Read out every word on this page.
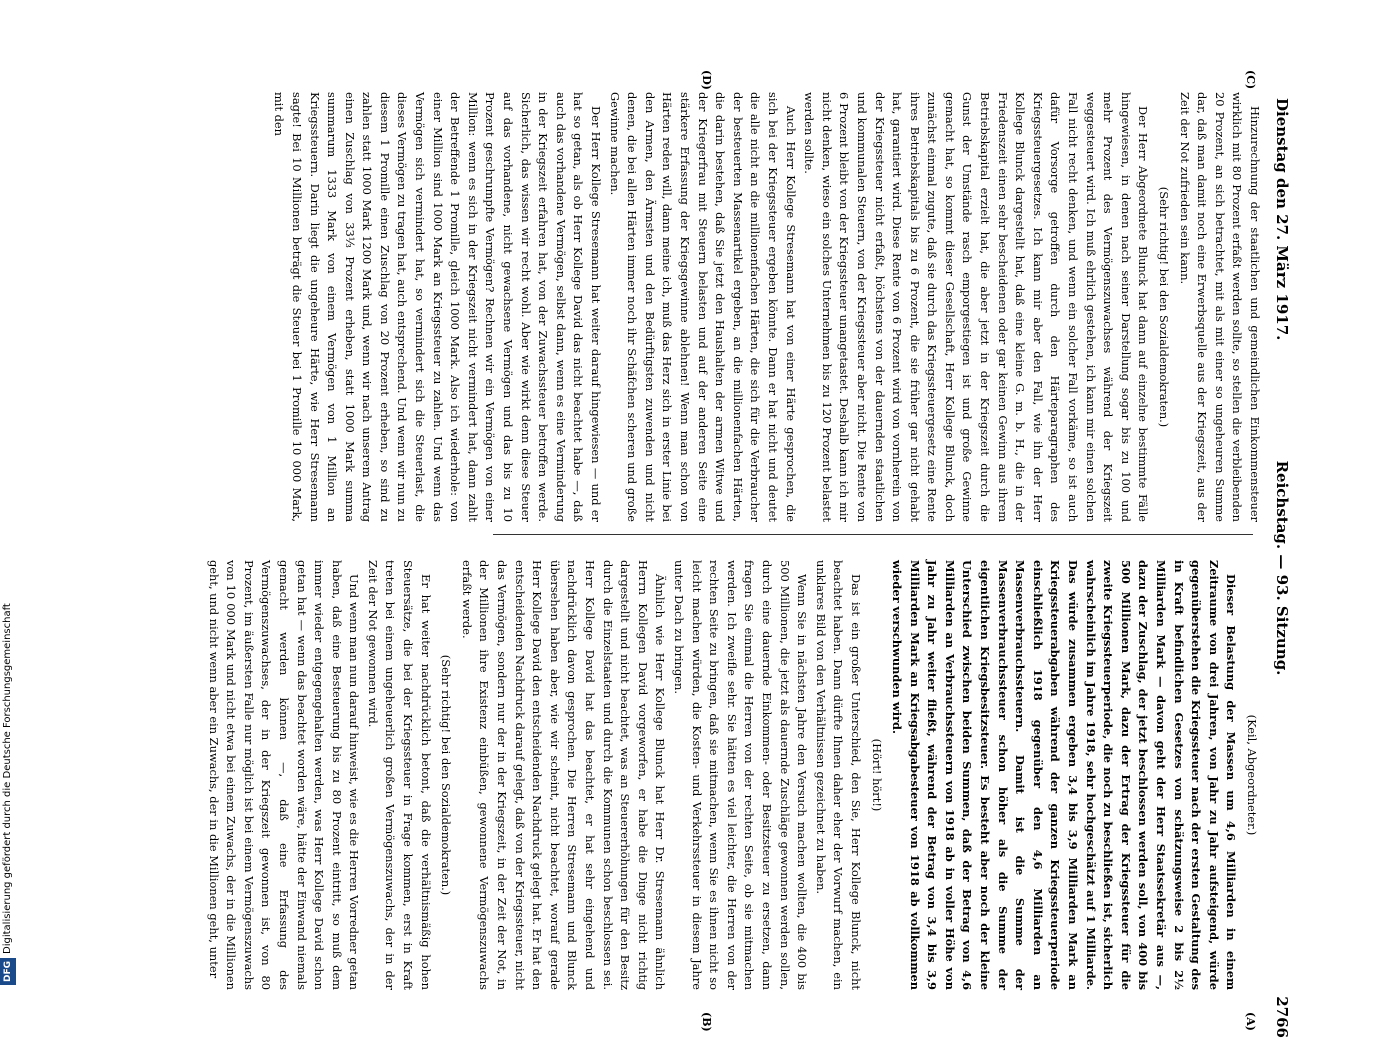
Dienstag den 27. März 1917.
Reichstag. — 93. Sitzung.
2766
(A)
(B)
(C)
(D)

(Keil, Abgeordneter.)

Dieser Belastung der Massen um 4,6 Milliarden in einem Zeitraume von drei Jahren, von Jahr zu Jahr aufsteigend, würde gegenüberstehen die Kriegssteuer nach der ersten Gestaltung des in Kraft befindlichen Gesetzes von schätzungsweise 2 bis 2½ Milliarden Mark — davon geht der Herr Staatssekretär aus —, dazu der Zuschlag, der jetzt beschlossen werden soll, von 400 bis 500 Millionen Mark, dazu der Ertrag der Kriegssteuer für die zweite Kriegssteuerperiode, die noch zu beschließen ist, sicherlich wahrscheinlich im Jahre 1918, sehr hochgeschätzt auf 1 Milliarde. Das würde zusammen ergeben 3,4 bis 3,9 Milliarden Mark an Kriegssteuerabgaben während der ganzen Kriegssteuerperiode einschließlich 1918 gegenüber den 4,6 Milliarden an Massenverbrauchssteuern. Damit ist die Summe der Massenverbrauchssteuer schon höher als die Summe der eigentlichen Kriegsbesitzsteuer. Es besteht aber noch der kleine Unterschied zwischen beiden Summen, daß der Betrag von 4,6 Milliarden an Verbrauchssteuern von 1918 ab in voller Höhe von Jahr zu Jahr weiter fließt, während der Betrag von 3,4 bis 3,9 Milliarden Mark an Kriegsabgabesteuer von 1918 ab vollkommen wieder verschwunden wird.

(Hört! hört!)

Das ist ein großer Unterschied, den Sie, Herr Kollege Blunck, nicht beachtet haben. Dann dürfte Ihnen daher eher der Vorwurf machen, ein unklares Bild von den Verhältnissen gezeichnet zu haben.

Wenn Sie in nächsten Jahre den Versuch machen wollten, die 400 bis 500 Millionen, die jetzt als dauernde Zuschläge gewonnen werden sollen, durch eine dauernde Einkommen- oder Besitzsteuer zu ersetzen, dann fragen Sie einmal die Herren von der rechten Seite, ob sie mitmachen werden. Ich zweifle sehr. Sie hätten es viel leichter, die Herren von der rechten Seite zu bringen, daß sie mitmachen, wenn Sie es ihnen nicht so leicht machen würden, die Kosten- und Verkehrssteuer in diesem Jahre unter Dach zu bringen.

Ähnlich wie Herr Kollege Blunck hat Herr Dr. Stresemann ähnlich Herrn Kollegen David vorgeworfen, er habe die Dinge nicht richtig dargestellt und nicht beachtet, was an Steuererhöhungen für den Besitz durch die Einzelstaaten und durch die Kommunen schon beschlossen sei. Herr Kollege David hat das beachtet, er hat sehr eingehend und nachdrücklich davon gesprochen. Die Herren Stresemann und Blunck übersehen haben aber, wie wir scheint, nicht beachtet, worauf gerade Herr Kollege David den entscheidenden Nachdruck gelegt hat. Er hat den entscheidenden Nachdruck darauf gelegt, daß von der Kriegssteuer, nicht das Vermögen, sondern nur der in der Kriegszeit, in der Zeit der Not, in der Millionen ihre Existenz einbüßen, gewonnene Vermögenszuwachs erfaßt werde.

(Sehr richtig! bei den Sozialdemokraten.)

Er hat weiter nachdrücklich betont, daß die verhältnismäßig hohen Steuersätze, die bei der Kriegssteuer in Frage kommen, erst in Kraft treten bei einem ungeheuerlich großen Vermögenszuwachs, der in der Zeit der Not gewonnen wird.

Und wenn man nun darauf hinweist, wie es die Herren Vorredner getan haben, daß eine Besteuerung bis zu 80 Prozent eintritt, so muß dem immer wieder entgegengehalten werden, was Herr Kollege David schon getan hat — wenn das beachtet worden wäre, hätte der Einwand niemals gemacht werden können —, daß eine Erfassung des Vermögenszuwachses, der in der Kriegszeit gewonnen ist, von 80 Prozent, im äußersten Falle nur möglich ist bei einem Vermögenszuwachs von 10 000 Mark und nicht etwa bei einem Zuwachs, der in die Millionen geht, und nicht wenn aber ein Zuwachs, der in die Millionen geht, unter

Hinzurechnung der staatlichen und gemeindlichen Einkommensteuer wirklich mit 80 Prozent erfaßt werden sollte, so stellen die verbleibenden 20 Prozent, an sich betrachtet, mit als mit einer so ungeheuren Summe dar, daß man damit noch eine Erwerbsquelle aus der Kriegszeit, aus der Zeit der Not zufrieden sein kann.

(Sehr richtig! bei den Sozialdemokraten.)

Der Herr Abgeordnete Blunck hat dann auf einzelne bestimmte Fälle hingewiesen, in denen nach seiner Darstellung sogar bis zu 100 und mehr Prozent des Vermögenszuwachses während der Kriegszeit weggesteuert wird. Ich muß ehrlich gestehen, ich kann mir einen solchen Fall nicht recht denken, und wenn ein solcher Fall vorkäme, so ist auch dafür Vorsorge getroffen durch den Härteparagraphen des Kriegssteuergesetzes. Ich kann mir aber den Fall, wie ihn der Herr Kollege Blunck dargestellt hat, daß eine kleine G. m. b. H., die in der Friedenszeit einen sehr bescheidenen oder gar keinen Gewinn aus ihrem Betriebskapital erzielt hat, die aber jetzt in der Kriegszeit durch die Gunst der Umstände rasch emporgestiegen ist und große Gewinne gemacht hat, so kommt dieser Gesellschaft, Herr Kollege Blunck, doch zunächst einmal zugute, daß sie durch das Kriegssteuergesetz eine Rente ihres Betriebskapitals bis zu 6 Prozent, die sie früher gar nicht gehabt hat, garantiert wird. Diese Rente von 6 Prozent wird von vornherein von der Kriegssteuer nicht erfaßt, höchstens von der dauernden staatlichen und kommunalen Steuern, von der Kriegssteuer aber nicht. Die Rente von 6 Prozent bleibt von der Kriegssteuer unangetastet. Deshalb kann ich mir nicht denken, wieso ein solches Unternehmen bis zu 120 Prozent belastet werden sollte.

Auch Herr Kollege Stresemann hat von einer Härte gesprochen, die sich bei der Kriegssteuer ergeben könnte. Dann er hat nicht und deutet die alle nicht an die millionenfachen Härten, die sich für die Verbraucher der besteuerten Massenartikel ergeben, an die millionenfachen Härten, die darin bestehen, daß Sie jetzt den Haushalten der armen Witwe und der Kriegerfrau mit Steuern belasten und auf der anderen Seite eine stärkere Erfassung der Kriegsgewinne ablehnen! Wenn man schon von Härten reden will, dann meine ich, muß das Herz sich in erster Linie bei den Armen, den Ärmsten und den Bedürftigsten zuwenden und nicht denen, die bei allen Härten immer noch ihr Schäfchen scheren und große Gewinne machen.

Der Herr Kollege Stresemann hat weiter darauf hingewiesen — und er hat so getan, als ob Herr Kollege David das nicht beachtet habe —, daß auch das vorhandene Vermögen, selbst dann, wenn es eine Verminderung in der Kriegszeit erfahren hat, von der Zuwachssteuer betroffen werde. Sicherlich, das wissen wir recht wohl. Aber wie wirkt denn diese Steuer auf das vorhandene, nicht gewachsene Vermögen und das bis zu 10 Prozent geschrumpfte Vermögen? Rechnen wir ein Vermögen von einer Million: wenn es sich in der Kriegszeit nicht vermindert hat, dann zahlt der Betreffende 1 Promille, gleich 1000 Mark. Also ich wiederhole: von einer Million sind 1000 Mark an Kriegssteuer zu zahlen. Und wenn das Vermögen sich vermindert hat, so vermindert sich die Steuerlast, die dieses Vermögen zu tragen hat, auch entsprechend. Und wenn wir nun zu diesem 1 Promille einen Zuschlag von 20 Prozent erheben, so sind zu zahlen statt 1000 Mark 1200 Mark und, wenn wir nach unserem Antrag einen Zuschlag von 33⅓ Prozent erheben, statt 1000 Mark summa summarum 1333 Mark von einem Vermögen von 1 Million an Kriegssteuern. Darin liegt die ungeheure Härte, wie Herr Stresemann sagte! Bei 10 Millionen beträgt die Steuer bei 1 Promille 10 000 Mark, mit den

DFGDigitalisierung gefördert durch die Deutsche Forschungsgemeinschaft
